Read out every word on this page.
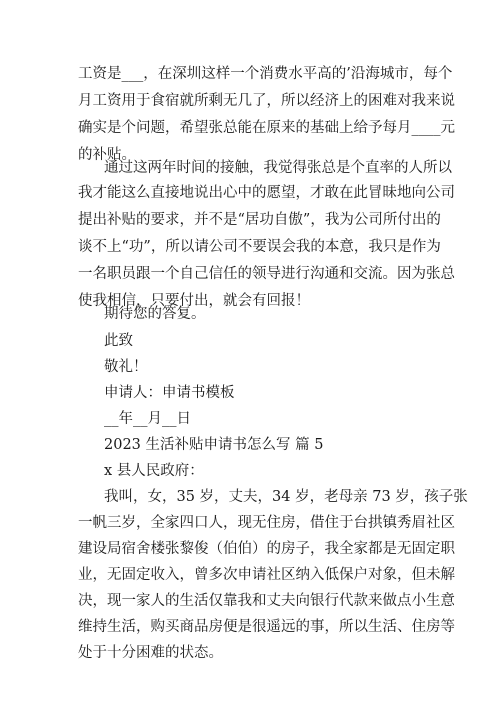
工资是___，在深圳这样一个消费水平高的’沿海城市，每个
月工资用于食宿就所剩无几了，所以经济上的困难对我来说
确实是个问题，希望张总能在原来的基础上给予每月____元
的补贴。
通过这两年时间的接触，我觉得张总是个直率的人所以
我才能这么直接地说出心中的愿望，才敢在此冒昧地向公司
提出补贴的要求，并不是“居功自傲”，我为公司所付出的
谈不上“功”，所以请公司不要误会我的本意，我只是作为
一名职员跟一个自己信任的领导进行沟通和交流。因为张总
使我相信，只要付出，就会有回报！
期待您的答复。
此致
敬礼！
申请人：申请书模板
__年__月__日
2023 生活补贴申请书怎么写 篇 5
x 县人民政府：
我叫，女，35 岁，丈夫，34 岁，老母亲 73 岁，孩子张
一帆三岁，全家四口人，现无住房，借住于台拱镇秀眉社区
建设局宿舍楼张黎俊（伯伯）的房子，我全家都是无固定职
业，无固定收入，曾多次申请社区纳入低保户对象，但未解
决，现一家人的生活仅靠我和丈夫向银行代款来做点小生意
维持生活，购买商品房便是很遥远的事，所以生活、住房等
处于十分困难的状态。
